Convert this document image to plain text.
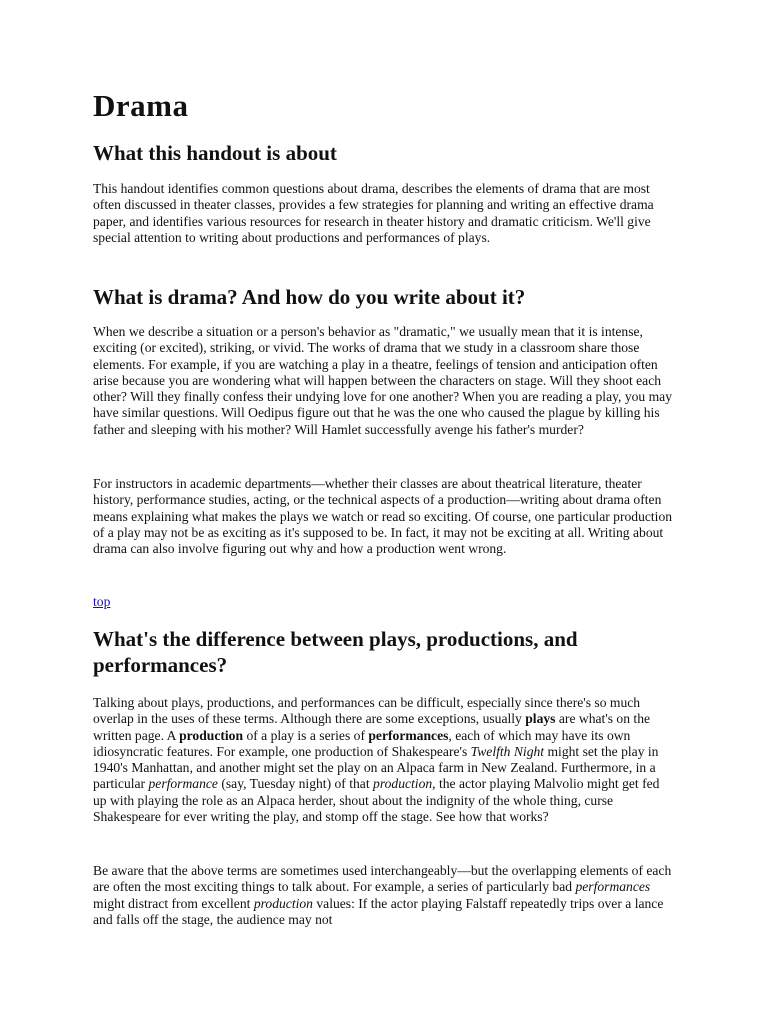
Drama
What this handout is about

This handout identifies common questions about drama, describes the elements of drama that are most often discussed in theater classes, provides a few strategies for planning and writing an effective drama paper, and identifies various resources for research in theater history and dramatic criticism. We'll give special attention to writing about productions and performances of plays.

What is drama? And how do you write about it?

When we describe a situation or a person's behavior as "dramatic," we usually mean that it is intense, exciting (or excited), striking, or vivid. The works of drama that we study in a classroom share those elements. For example, if you are watching a play in a theatre, feelings of tension and anticipation often arise because you are wondering what will happen between the characters on stage. Will they shoot each other? Will they finally confess their undying love for one another? When you are reading a play, you may have similar questions. Will Oedipus figure out that he was the one who caused the plague by killing his father and sleeping with his mother? Will Hamlet successfully avenge his father's murder?

For instructors in academic departments—whether their classes are about theatrical literature, theater history, performance studies, acting, or the technical aspects of a production—writing about drama often means explaining what makes the plays we watch or read so exciting. Of course, one particular production of a play may not be as exciting as it's supposed to be. In fact, it may not be exciting at all. Writing about drama can also involve figuring out why and how a production went wrong.

top
What's the difference between plays, productions, and performances?

Talking about plays, productions, and performances can be difficult, especially since there's so much overlap in the uses of these terms. Although there are some exceptions, usually plays are what's on the written page. A production of a play is a series of performances, each of which may have its own idiosyncratic features. For example, one production of Shakespeare's Twelfth Night might set the play in 1940's Manhattan, and another might set the play on an Alpaca farm in New Zealand. Furthermore, in a particular performance (say, Tuesday night) of that production, the actor playing Malvolio might get fed up with playing the role as an Alpaca herder, shout about the indignity of the whole thing, curse Shakespeare for ever writing the play, and stomp off the stage. See how that works?

Be aware that the above terms are sometimes used interchangeably—but the overlapping elements of each are often the most exciting things to talk about. For example, a series of particularly bad performances might distract from excellent production values: If the actor playing Falstaff repeatedly trips over a lance and falls off the stage, the audience may not
